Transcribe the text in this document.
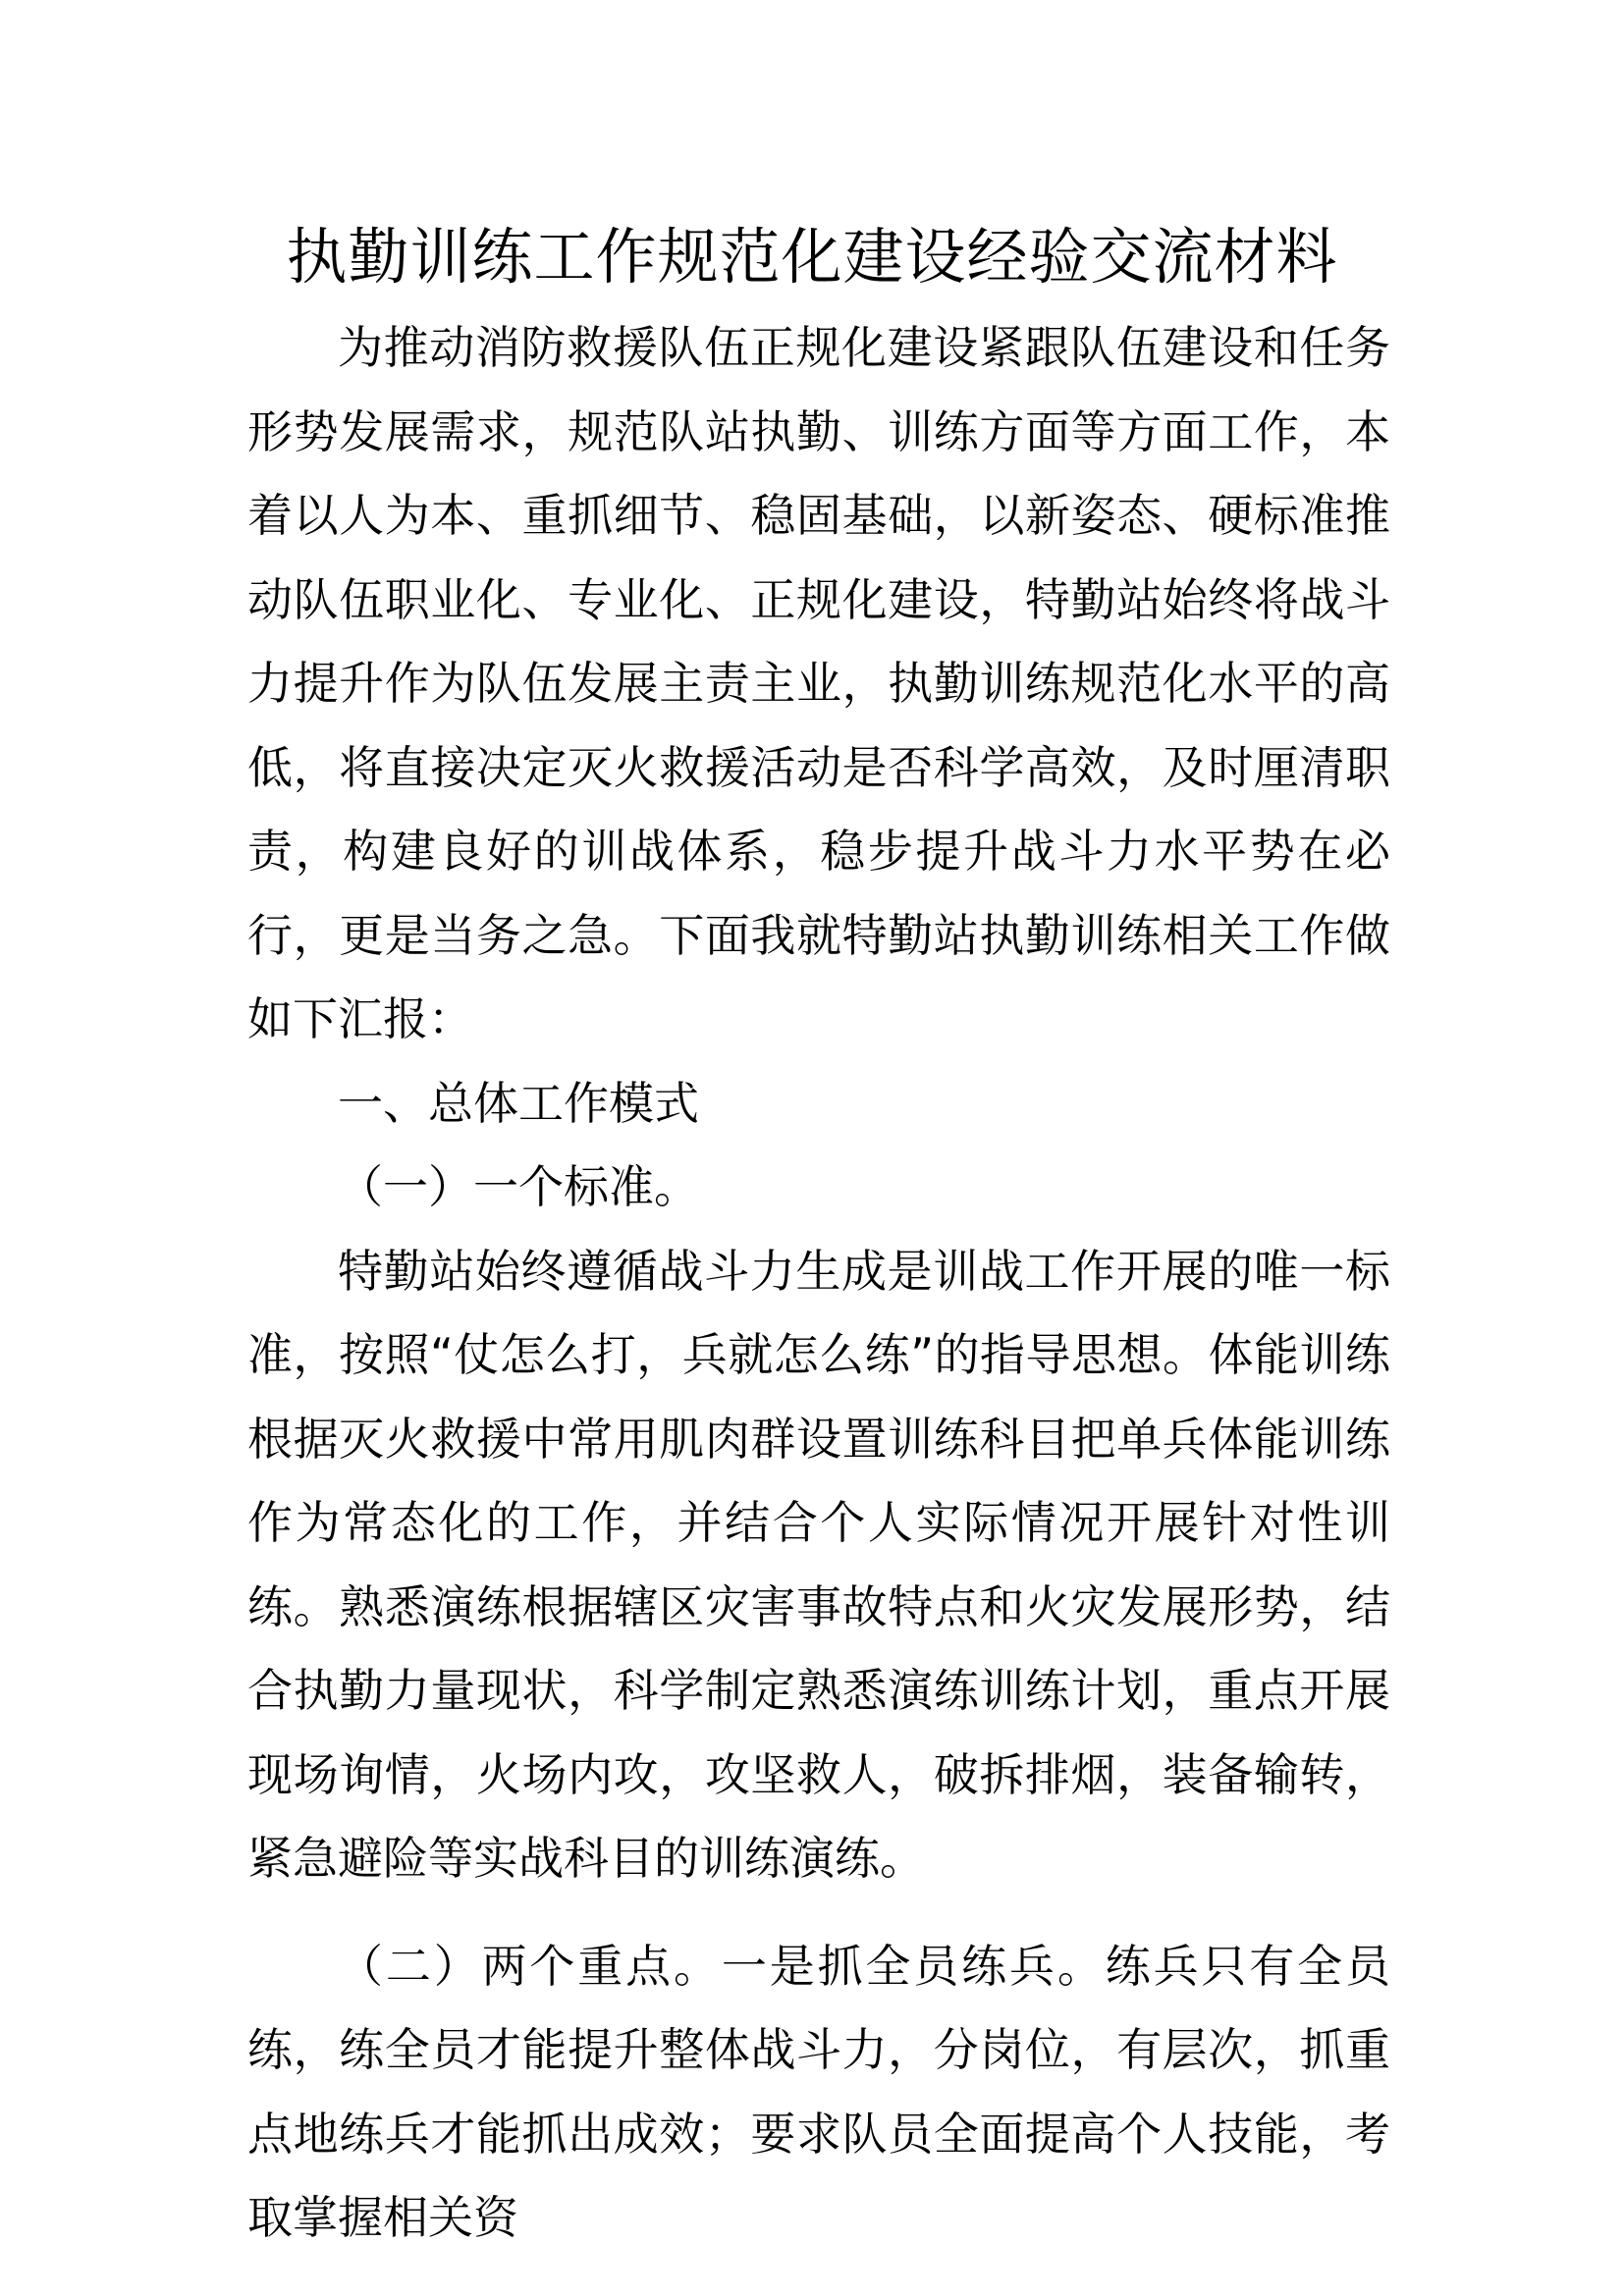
执勤训练工作规范化建设经验交流材料

为推动消防救援队伍正规化建设紧跟队伍建设和任务形势发展需求，规范队站执勤、训练方面等方面工作，本着以人为本、重抓细节、稳固基础，以新姿态、硬标准推动队伍职业化、专业化、正规化建设，特勤站始终将战斗力提升作为队伍发展主责主业，执勤训练规范化水平的高低，将直接决定灭火救援活动是否科学高效，及时厘清职责，构建良好的训战体系，稳步提升战斗力水平势在必行，更是当务之急。下面我就特勤站执勤训练相关工作做如下汇报：

一、总体工作模式

（一）一个标准。

特勤站始终遵循战斗力生成是训战工作开展的唯一标准，按照“仗怎么打，兵就怎么练”的指导思想。体能训练根据灭火救援中常用肌肉群设置训练科目把单兵体能训练作为常态化的工作，并结合个人实际情况开展针对性训练。熟悉演练根据辖区灾害事故特点和火灾发展形势，结合执勤力量现状，科学制定熟悉演练训练计划，重点开展现场询情，火场内攻，攻坚救人，破拆排烟，装备输转，紧急避险等实战科目的训练演练。

（二）两个重点。一是抓全员练兵。练兵只有全员练，练全员才能提升整体战斗力，分岗位，有层次，抓重点地练兵才能抓出成效；要求队员全面提高个人技能，考取掌握相关资
